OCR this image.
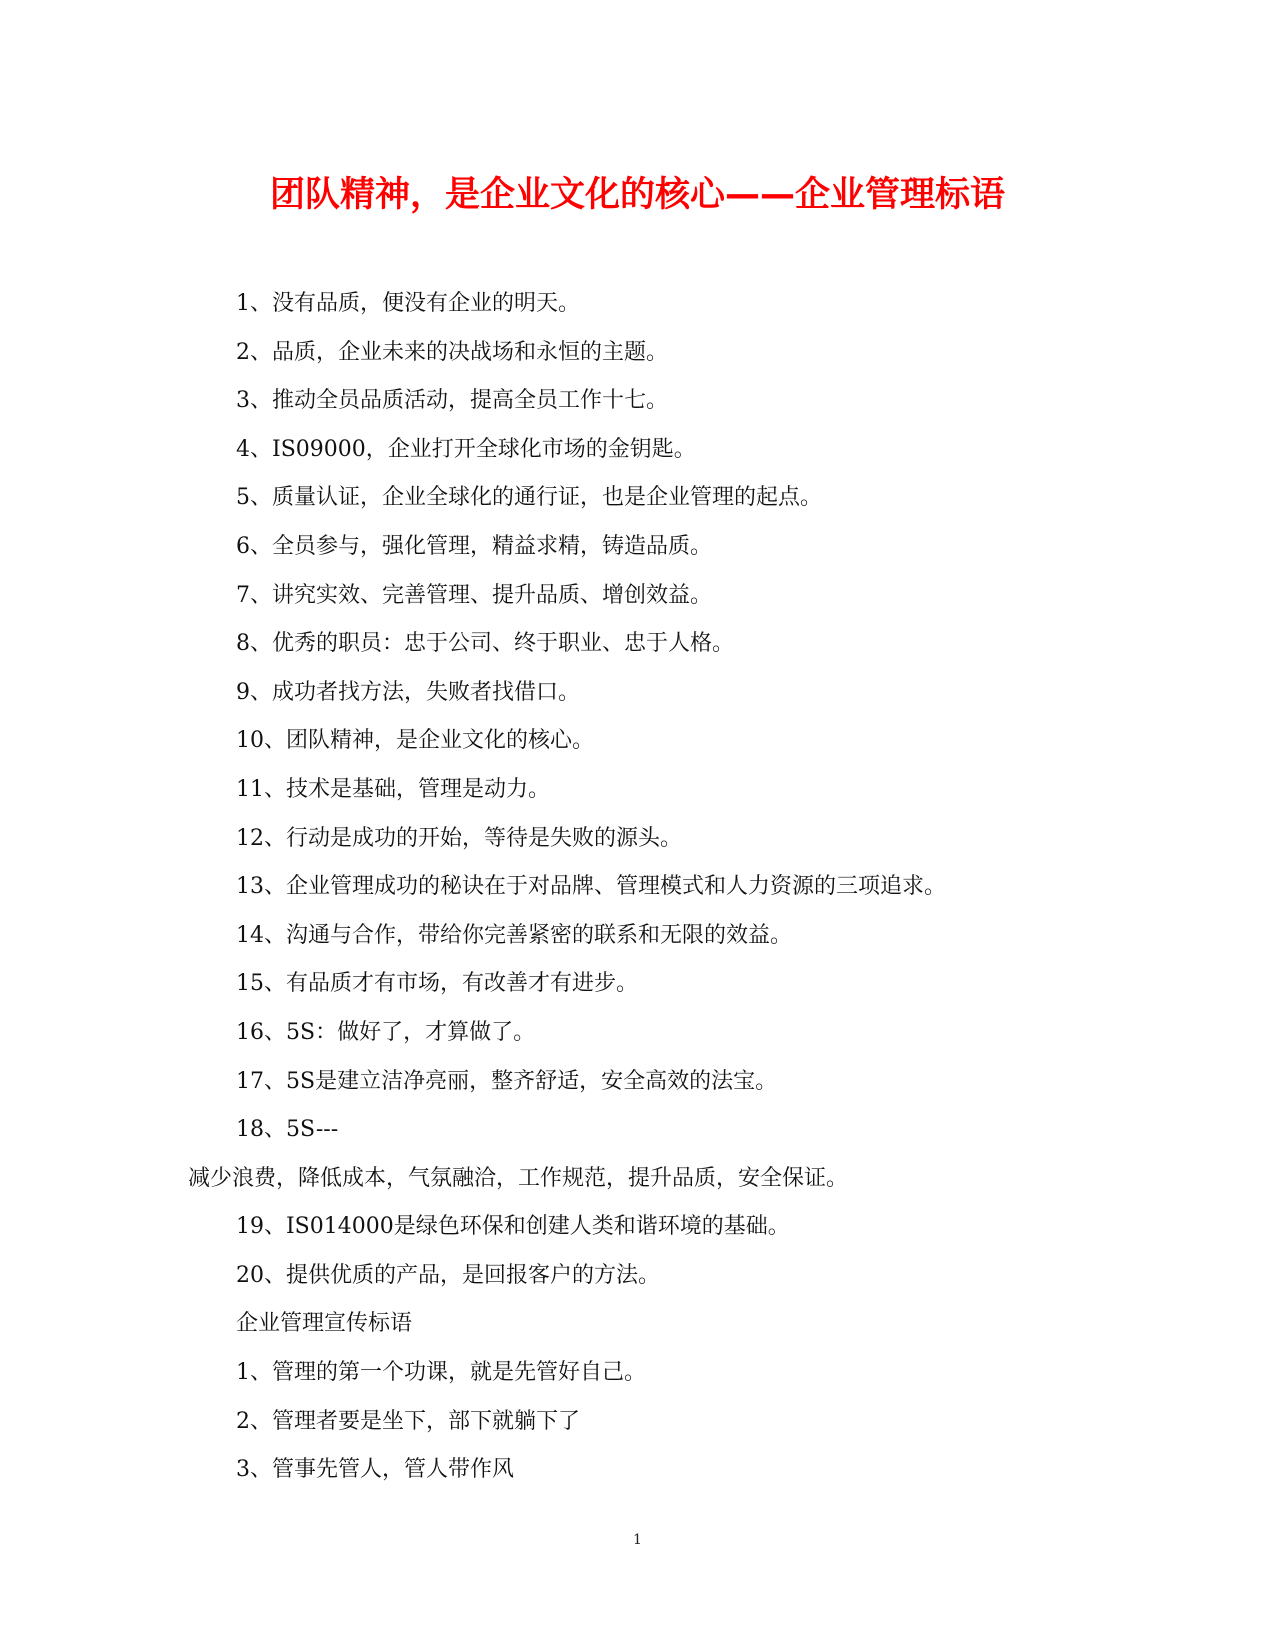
团队精神，是企业文化的核心——企业管理标语
1、没有品质，便没有企业的明天。
2、品质，企业未来的决战场和永恒的主题。
3、推动全员品质活动，提高全员工作十七。
4、IS09000，企业打开全球化市场的金钥匙。
5、质量认证，企业全球化的通行证，也是企业管理的起点。
6、全员参与，强化管理，精益求精，铸造品质。
7、讲究实效、完善管理、提升品质、增创效益。
8、优秀的职员：忠于公司、终于职业、忠于人格。
9、成功者找方法，失败者找借口。
10、团队精神，是企业文化的核心。
11、技术是基础，管理是动力。
12、行动是成功的开始，等待是失败的源头。
13、企业管理成功的秘诀在于对品牌、管理模式和人力资源的三项追求。
14、沟通与合作，带给你完善紧密的联系和无限的效益。
15、有品质才有市场，有改善才有进步。
16、5S：做好了，才算做了。
17、5S是建立洁净亮丽，整齐舒适，安全高效的法宝。
18、5S---
减少浪费，降低成本，气氛融洽，工作规范，提升品质，安全保证。
19、IS014000是绿色环保和创建人类和谐环境的基础。
20、提供优质的产品，是回报客户的方法。
企业管理宣传标语
1、管理的第一个功课，就是先管好自己。
2、管理者要是坐下，部下就躺下了
3、管事先管人，管人带作风
1
